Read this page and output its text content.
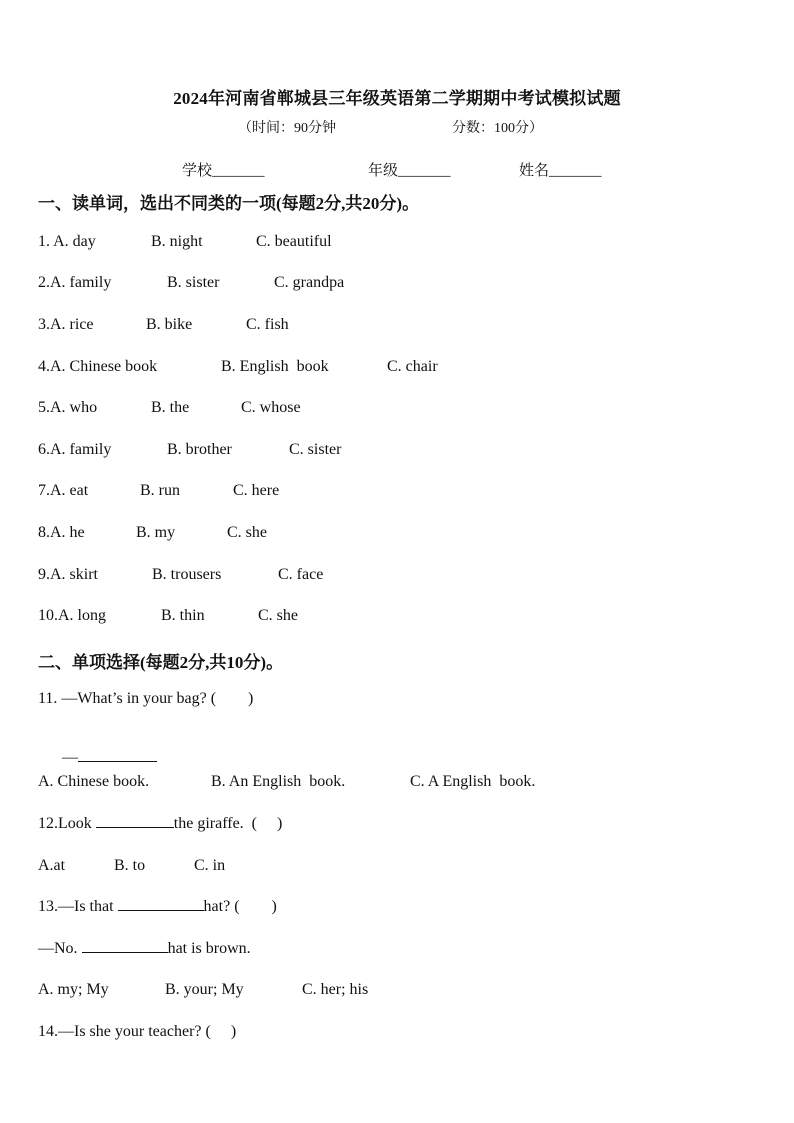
2024年河南省郸城县三年级英语第二学期期中考试模拟试题
（时间：90分钟	分数：100分）
学校_______	年级_______	姓名_______
一、读单词，选出不同类的一项(每题2分,共20分)。
1. A. day	B. night	C. beautiful
2.A. family	B. sister	C. grandpa
3.A. rice	B. bike	C. fish
4.A. Chinese book	B. English  book	C. chair
5.A. who	B. the	C. whose
6.A. family	B. brother	C. sister
7.A. eat	B. run	C. here
8.A. he	B. my	C. she
9.A. skirt	B. trousers	C. face
10.A. long	B. thin	C. she
二、单项选择(每题2分,共10分)。
11. —What’s in your bag? (        )

—

A. Chinese book.	B. An English  book.	C. A English  book.
12.Look	the giraffe.  (     )
A.at	B. to	C. in
13.—Is that	hat? (        )
—No.	hat is brown.
A. my; My	B. your; My	C. her; his
14.—Is she your teacher? (     )
